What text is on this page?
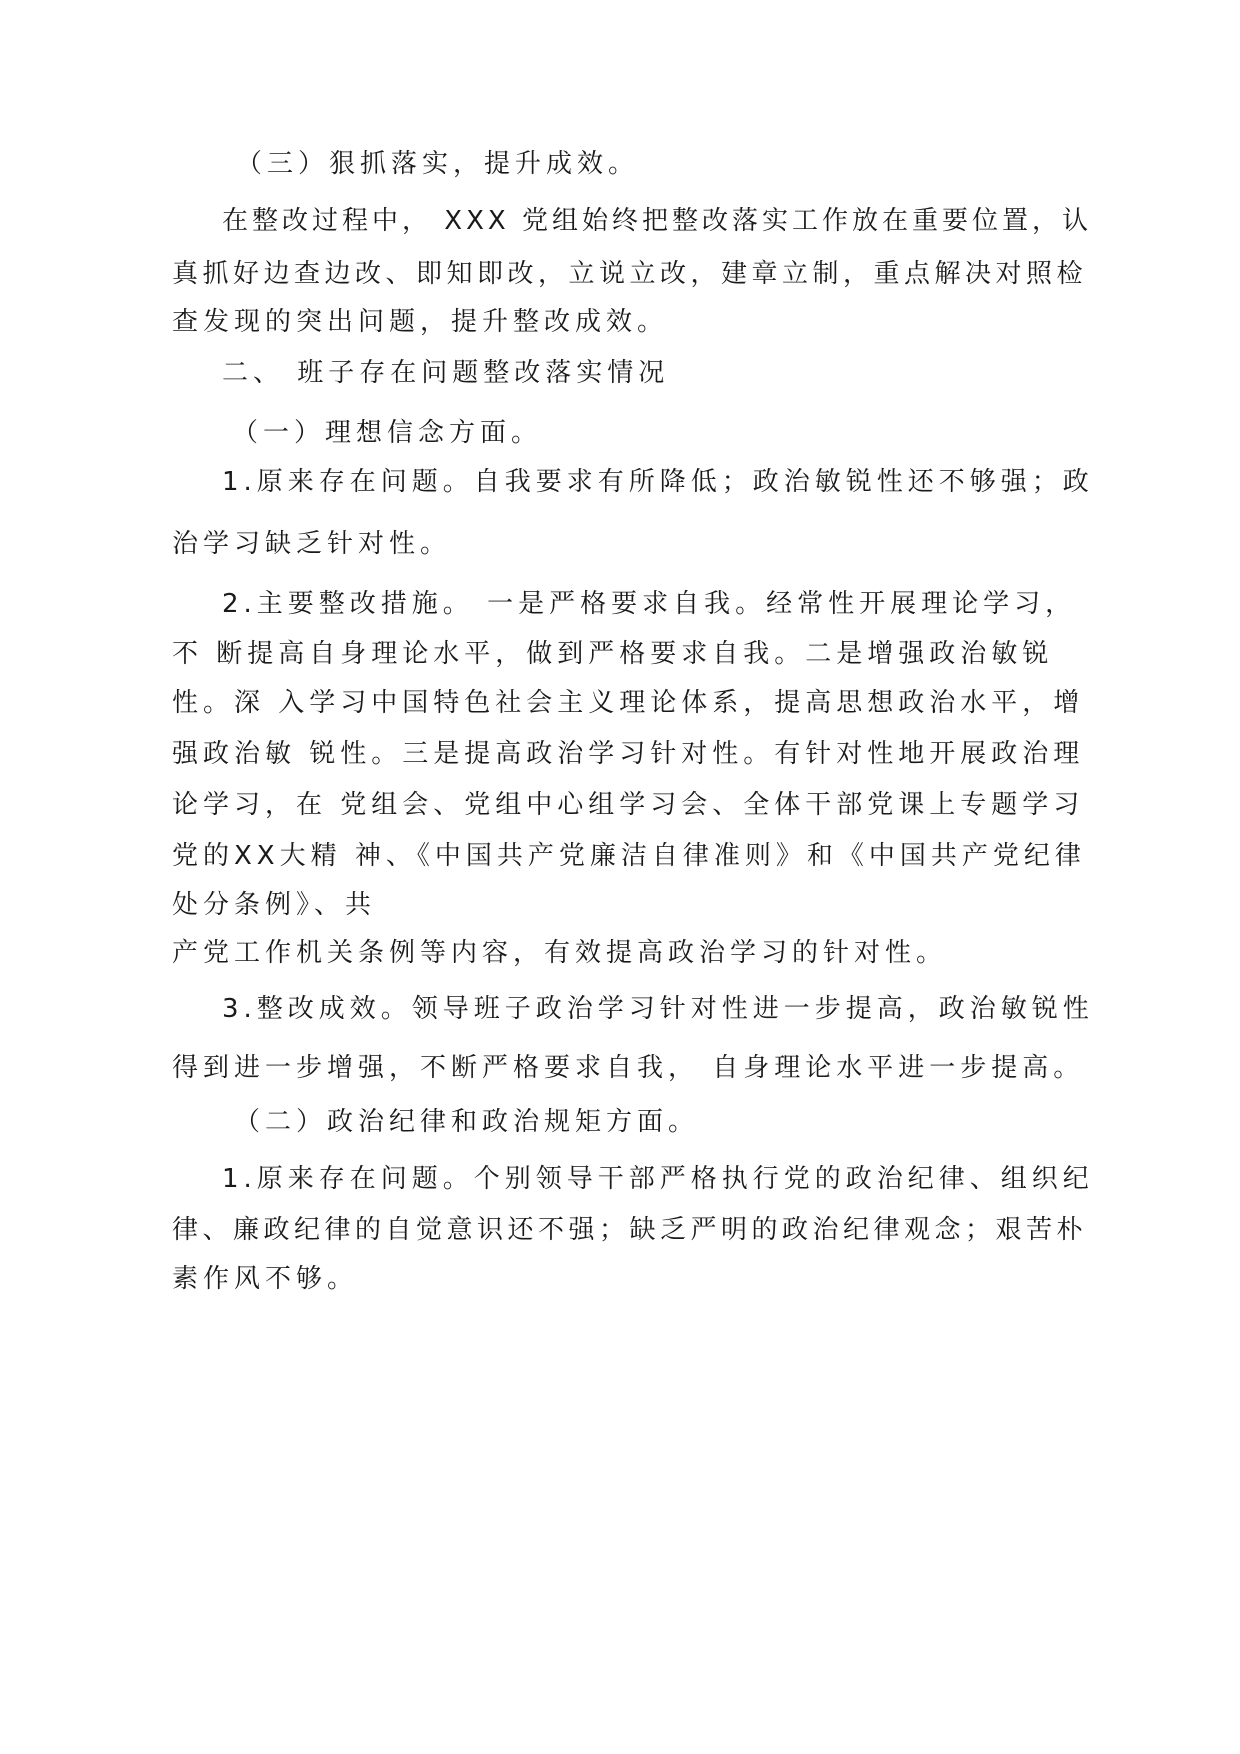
（三）狠抓落实，提升成效。

在整改过程中， XXX 党组始终把整改落实工作放在重要位置，认

真抓好边查边改、即知即改，立说立改，建章立制，重点解决对照检

查发现的突出问题，提升整改成效。

二、 班子存在问题整改落实情况

（一）理想信念方面。

1.原来存在问题。自我要求有所降低；政治敏锐性还不够强；政

治学习缺乏针对性。

2.主要整改措施。 一是严格要求自我。经常性开展理论学习，

不 断提高自身理论水平，做到严格要求自我。二是增强政治敏锐

性。深 入学习中国特色社会主义理论体系，提高思想政治水平，增

强政治敏 锐性。三是提高政治学习针对性。有针对性地开展政治理

论学习，在 党组会、党组中心组学习会、全体干部党课上专题学习

党的XX大精 神、《中国共产党廉洁自律准则》和《中国共产党纪律

处分条例》、共

产党工作机关条例等内容，有效提高政治学习的针对性。

3.整改成效。领导班子政治学习针对性进一步提高，政治敏锐性

得到进一步增强，不断严格要求自我， 自身理论水平进一步提高。

（二）政治纪律和政治规矩方面。

1.原来存在问题。个别领导干部严格执行党的政治纪律、组织纪

律、廉政纪律的自觉意识还不强；缺乏严明的政治纪律观念；艰苦朴

素作风不够。
